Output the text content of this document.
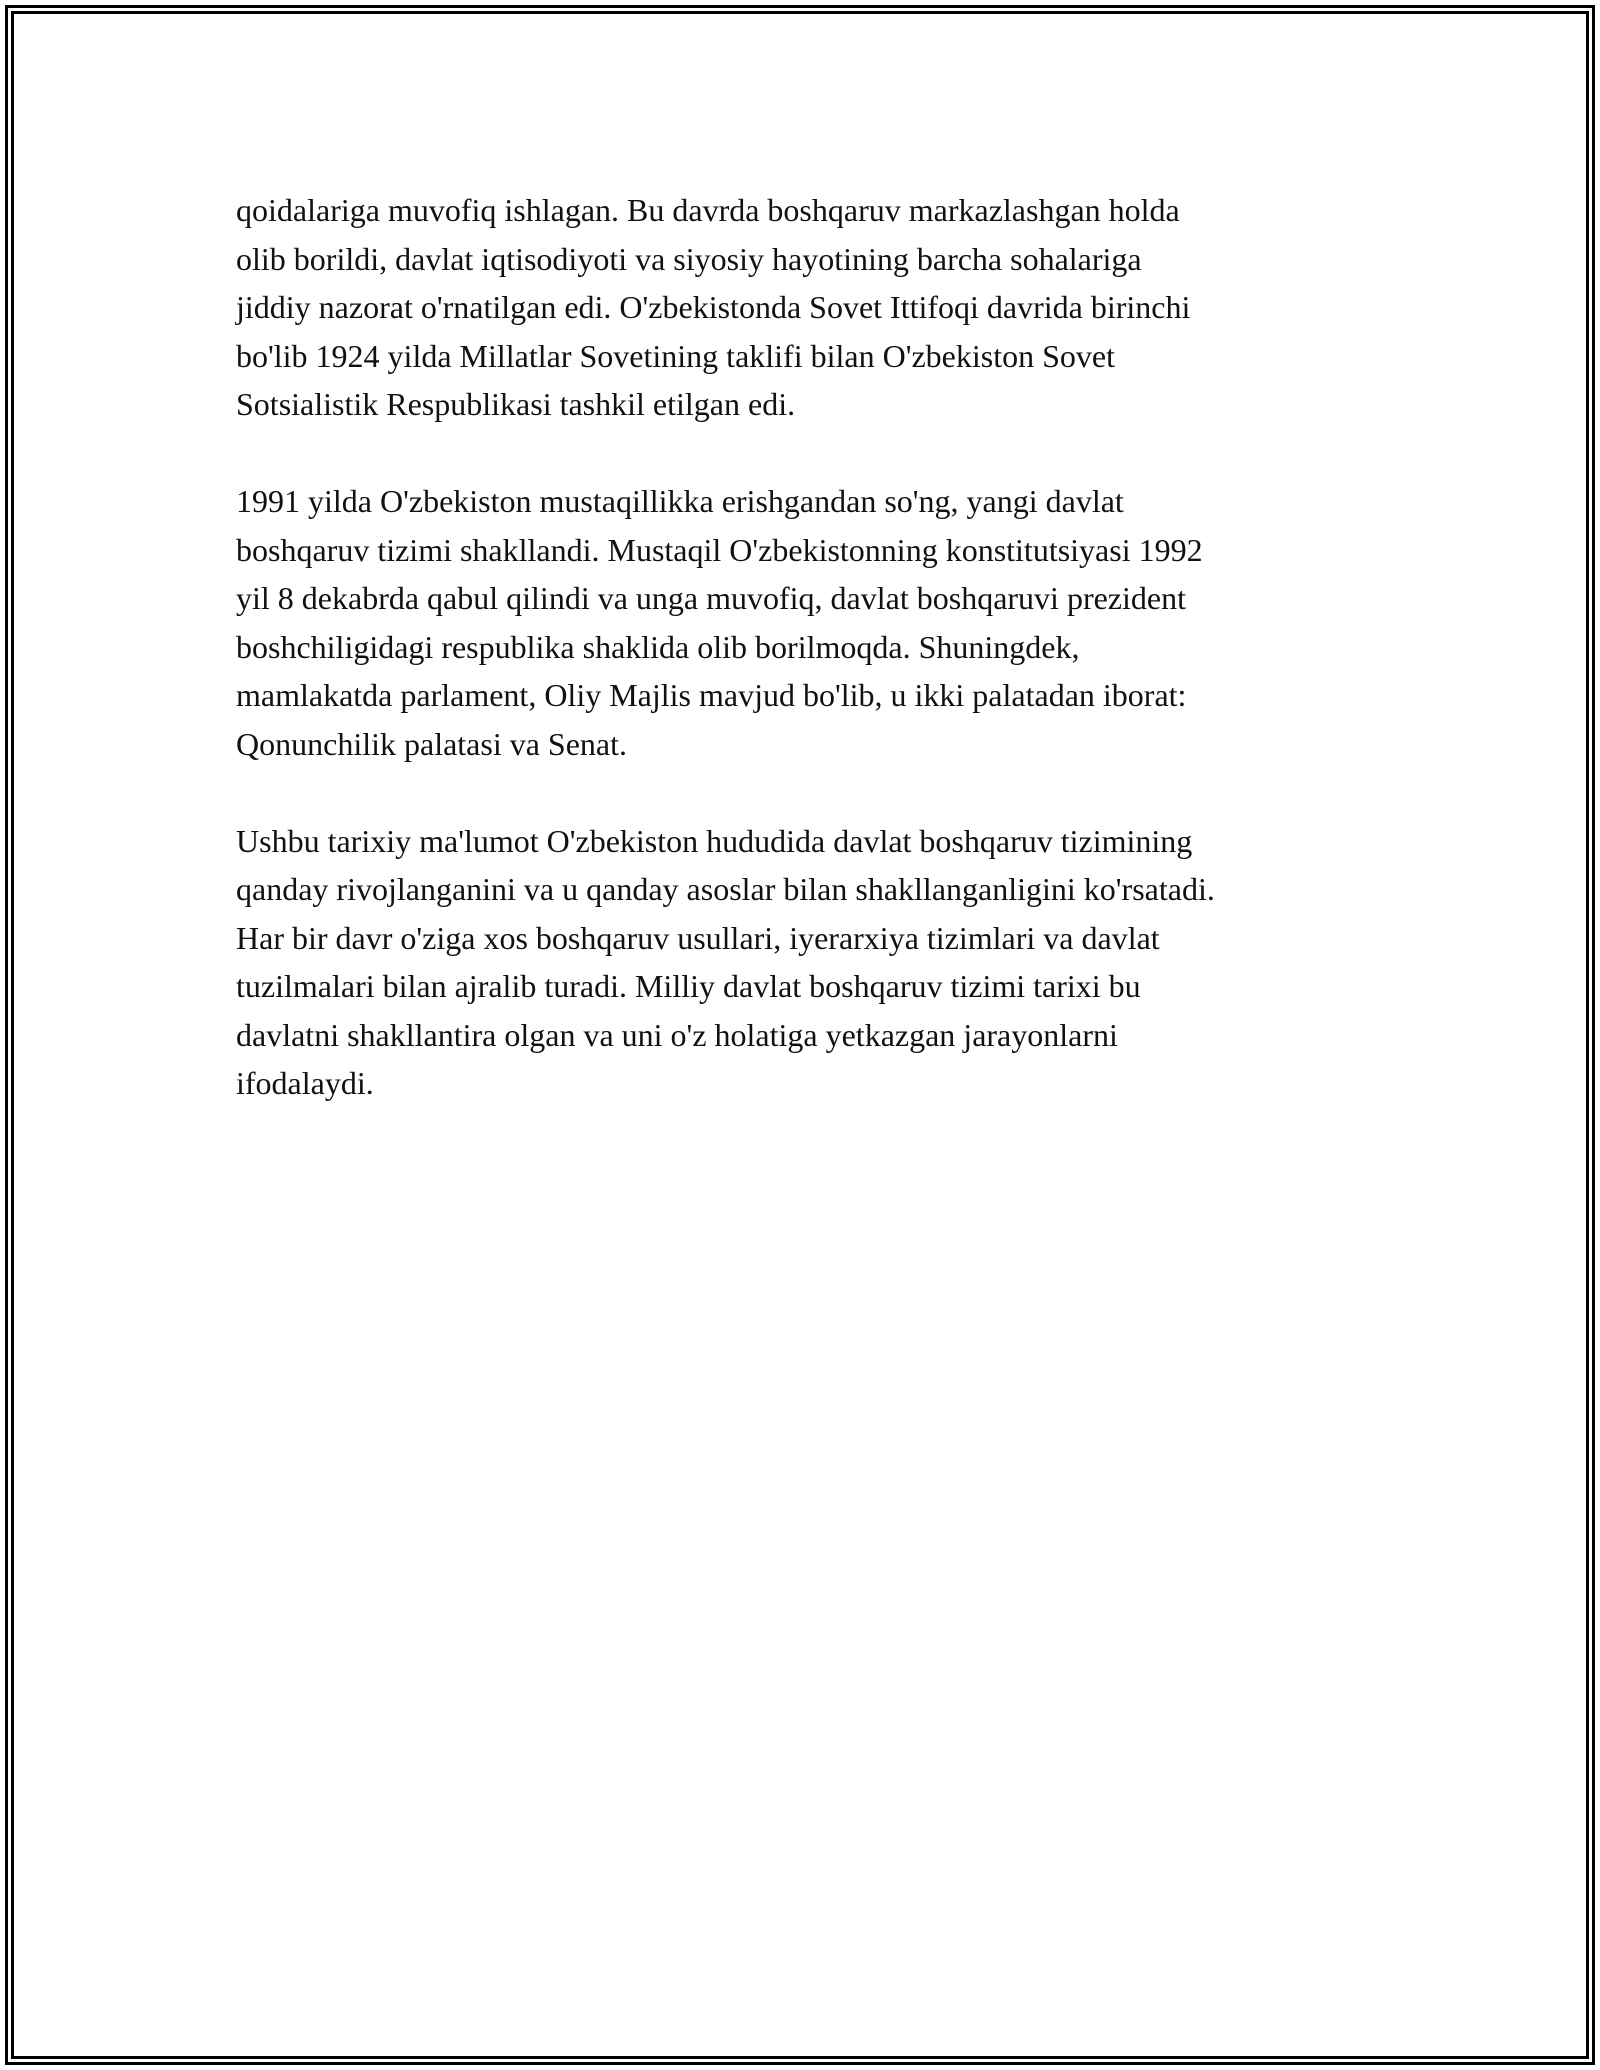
qoidalariga muvofiq ishlagan. Bu davrda boshqaruv markazlashgan holda
olib borildi, davlat iqtisodiyoti va siyosiy hayotining barcha sohalariga
jiddiy nazorat o'rnatilgan edi. O'zbekistonda Sovet Ittifoqi davrida birinchi
bo'lib 1924 yilda Millatlar Sovetining taklifi bilan O'zbekiston Sovet
Sotsialistik Respublikasi tashkil etilgan edi.

1991 yilda O'zbekiston mustaqillikka erishgandan so'ng, yangi davlat
boshqaruv tizimi shakllandi. Mustaqil O'zbekistonning konstitutsiyasi 1992
yil 8 dekabrda qabul qilindi va unga muvofiq, davlat boshqaruvi prezident
boshchiligidagi respublika shaklida olib borilmoqda. Shuningdek,
mamlakatda parlament, Oliy Majlis mavjud bo'lib, u ikki palatadan iborat:
Qonunchilik palatasi va Senat.

Ushbu tarixiy ma'lumot O'zbekiston hududida davlat boshqaruv tizimining
qanday rivojlanganini va u qanday asoslar bilan shakllanganligini ko'rsatadi.
Har bir davr o'ziga xos boshqaruv usullari, iyerarxiya tizimlari va davlat
tuzilmalari bilan ajralib turadi. Milliy davlat boshqaruv tizimi tarixi bu
davlatni shakllantira olgan va uni o'z holatiga yetkazgan jarayonlarni
ifodalaydi.
